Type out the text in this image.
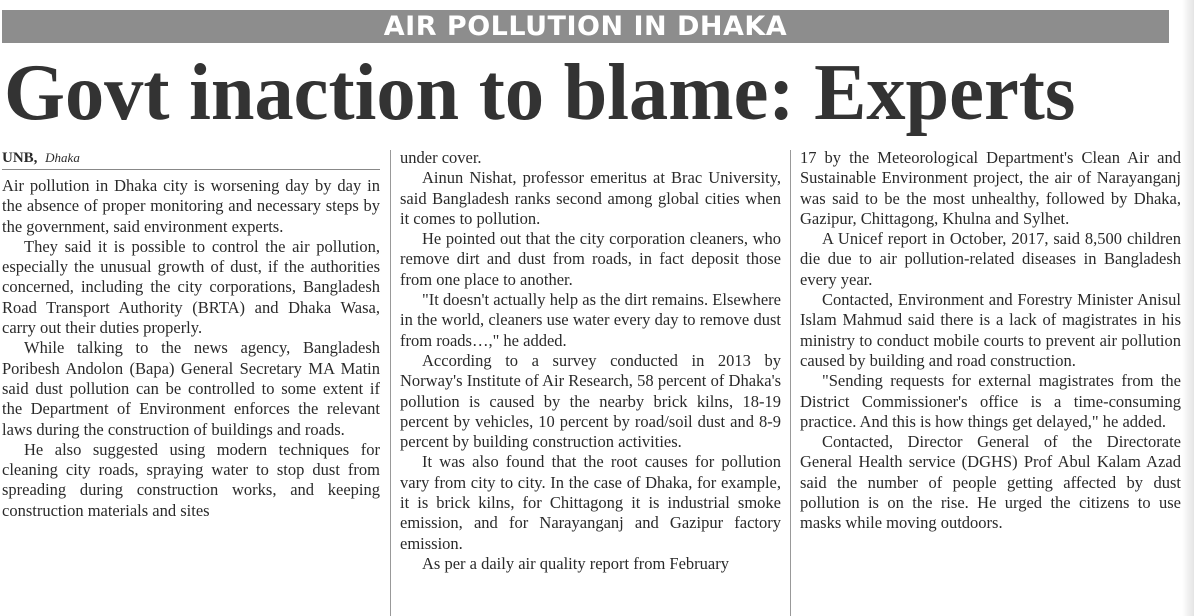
AIR POLLUTION IN DHAKA
Govt inaction to blame: Experts
UNB, Dhaka

Air pollution in Dhaka city is worsening day by day in the absence of proper monitoring and necessary steps by the government, said environment experts.

They said it is possible to control the air pollution, especially the unusual growth of dust, if the authorities concerned, including the city corporations, Bangladesh Road Transport Authority (BRTA) and Dhaka Wasa, carry out their duties properly.

While talking to the news agency, Bangladesh Poribesh Andolon (Bapa) General Secretary MA Matin said dust pollution can be controlled to some extent if the Department of Environment enforces the relevant laws during the construction of buildings and roads.

He also suggested using modern techniques for cleaning city roads, spraying water to stop dust from spreading during construction works, and keeping construction materials and sites

under cover.

Ainun Nishat, professor emeritus at Brac University, said Bangladesh ranks second among global cities when it comes to pollution.

He pointed out that the city corporation cleaners, who remove dirt and dust from roads, in fact deposit those from one place to another.

"It doesn't actually help as the dirt remains. Elsewhere in the world, cleaners use water every day to remove dust from roads…," he added.

According to a survey conducted in 2013 by Norway's Institute of Air Research, 58 percent of Dhaka's pollution is caused by the nearby brick kilns, 18-19 percent by vehicles, 10 percent by road/soil dust and 8-9 percent by building construction activities.

It was also found that the root causes for pollution vary from city to city. In the case of Dhaka, for example, it is brick kilns, for Chittagong it is industrial smoke emission, and for Narayanganj and Gazipur factory emission.

As per a daily air quality report from February

17 by the Meteorological Department's Clean Air and Sustainable Environment project, the air of Narayanganj was said to be the most unhealthy, followed by Dhaka, Gazipur, Chittagong, Khulna and Sylhet.

A Unicef report in October, 2017, said 8,500 children die due to air pollution-related diseases in Bangladesh every year.

Contacted, Environment and Forestry Minister Anisul Islam Mahmud said there is a lack of magistrates in his ministry to conduct mobile courts to prevent air pollution caused by building and road construction.

"Sending requests for external magistrates from the District Commissioner's office is a time-consuming practice. And this is how things get delayed," he added.

Contacted, Director General of the Directorate General Health service (DGHS) Prof Abul Kalam Azad said the number of people getting affected by dust pollution is on the rise. He urged the citizens to use masks while moving outdoors.
